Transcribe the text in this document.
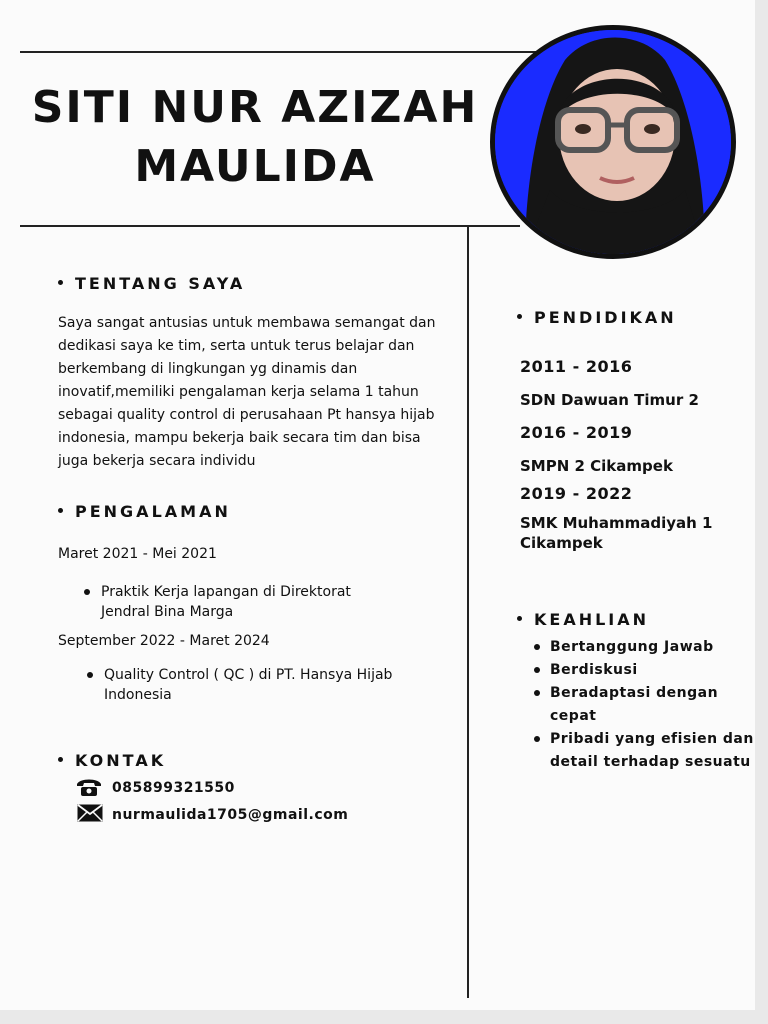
SITI NUR AZIZAH
MAULIDA
TENTANG SAYA
Saya sangat antusias untuk membawa semangat dan
dedikasi saya ke tim, serta untuk terus belajar dan
berkembang di lingkungan yg dinamis dan
inovatif,memiliki pengalaman kerja selama 1 tahun
sebagai quality control di perusahaan Pt hansya hijab
indonesia, mampu bekerja baik secara tim dan bisa
juga bekerja secara individu
PENGALAMAN
Maret 2021 - Mei 2021
Praktik Kerja lapangan di Direktorat
Jendral Bina Marga
September 2022 - Maret 2024
Quality Control ( QC ) di PT. Hansya Hijab
Indonesia
KONTAK
085899321550
nurmaulida1705@gmail.com
PENDIDIKAN
2011 - 2016
SDN Dawuan Timur 2
2016 - 2019
SMPN 2 Cikampek
2019 - 2022
SMK Muhammadiyah 1
Cikampek
KEAHLIAN
Bertanggung Jawab
Berdiskusi
Beradaptasi dengan
cepat
Pribadi yang efisien dan
detail terhadap sesuatu
